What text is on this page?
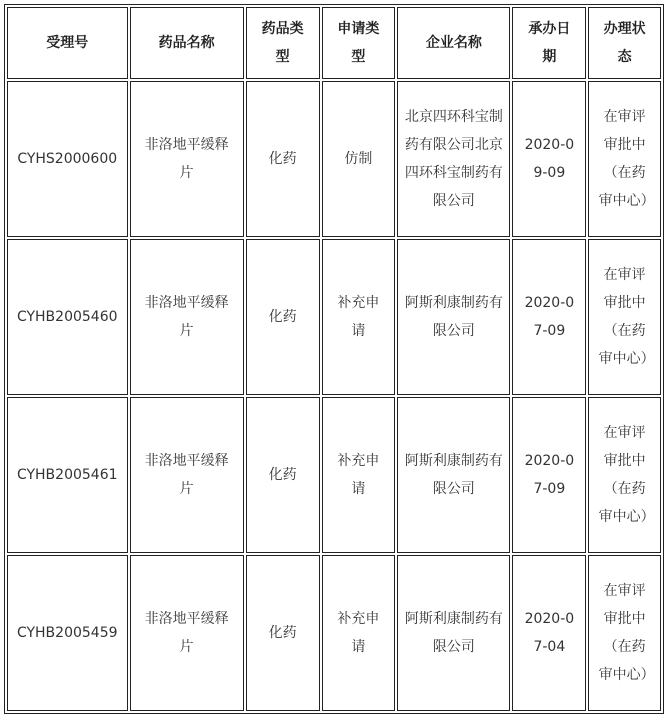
受理号	药品名称	药品类型	申请类型	企业名称	承办日期	办理状态

CYHS2000600	非洛地平缓释片	化药	仿制	北京四环科宝制药有限公司北京四环科宝制药有限公司	2020-09-09	在审评审批中（在药审中心）

CYHB2005460	非洛地平缓释片	化药	补充申请	阿斯利康制药有限公司	2020-07-09	在审评审批中（在药审中心）

CYHB2005461	非洛地平缓释片	化药	补充申请	阿斯利康制药有限公司	2020-07-09	在审评审批中（在药审中心）

CYHB2005459	非洛地平缓释片	化药	补充申请	阿斯利康制药有限公司	2020-07-04	在审评审批中（在药审中心）
